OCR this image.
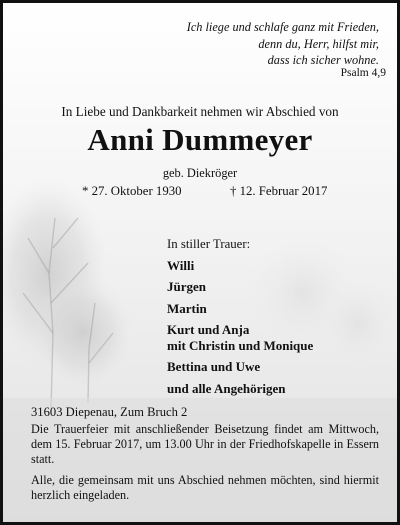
Ich liege und schlafe ganz mit Frieden,
denn du, Herr, hilfst mir,
dass ich sicher wohne.
Psalm 4,9
In Liebe und Dankbarkeit nehmen wir Abschied von
Anni Dummeyer
geb. Diekröger
* 27. Oktober 1930	† 12. Februar 2017
In stiller Trauer:
Willi
Jürgen
Martin
Kurt und Anja
mit Christin und Monique
Bettina und Uwe
und alle Angehörigen
31603 Diepenau, Zum Bruch 2

Die Trauerfeier mit anschließender Beisetzung findet am Mittwoch, dem 15. Februar 2017, um 13.00 Uhr in der Friedhofskapelle in Essern statt.

Alle, die gemeinsam mit uns Abschied nehmen möchten, sind hiermit herzlich eingeladen.
